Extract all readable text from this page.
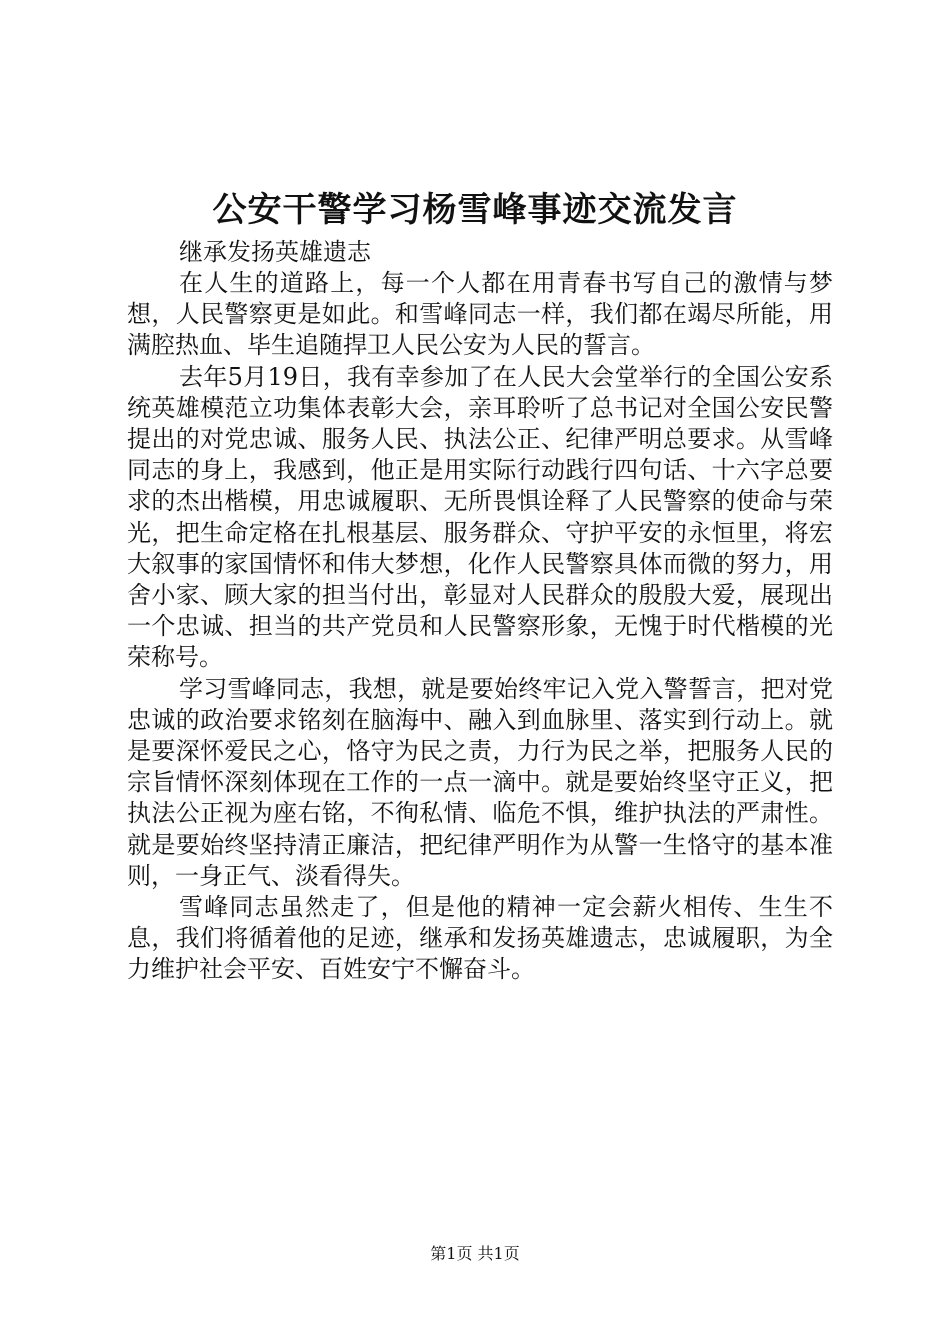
公安干警学习杨雪峰事迹交流发言

继承发扬英雄遗志

在人生的道路上，每一个人都在用青春书写自己的激情与梦想，人民警察更是如此。和雪峰同志一样，我们都在竭尽所能，用满腔热血、毕生追随捍卫人民公安为人民的誓言。

去年5月19日，我有幸参加了在人民大会堂举行的全国公安系统英雄模范立功集体表彰大会，亲耳聆听了总书记对全国公安民警提出的对党忠诚、服务人民、执法公正、纪律严明总要求。从雪峰同志的身上，我感到，他正是用实际行动践行四句话、十六字总要求的杰出楷模，用忠诚履职、无所畏惧诠释了人民警察的使命与荣光，把生命定格在扎根基层、服务群众、守护平安的永恒里，将宏大叙事的家国情怀和伟大梦想，化作人民警察具体而微的努力，用舍小家、顾大家的担当付出，彰显对人民群众的殷殷大爱，展现出一个忠诚、担当的共产党员和人民警察形象，无愧于时代楷模的光荣称号。

学习雪峰同志，我想，就是要始终牢记入党入警誓言，把对党忠诚的政治要求铭刻在脑海中、融入到血脉里、落实到行动上。就是要深怀爱民之心，恪守为民之责，力行为民之举，把服务人民的宗旨情怀深刻体现在工作的一点一滴中。就是要始终坚守正义，把执法公正视为座右铭，不徇私情、临危不惧，维护执法的严肃性。就是要始终坚持清正廉洁，把纪律严明作为从警一生恪守的基本准则，一身正气、淡看得失。

雪峰同志虽然走了，但是他的精神一定会薪火相传、生生不息，我们将循着他的足迹，继承和发扬英雄遗志，忠诚履职，为全力维护社会平安、百姓安宁不懈奋斗。

第1页 共1页
